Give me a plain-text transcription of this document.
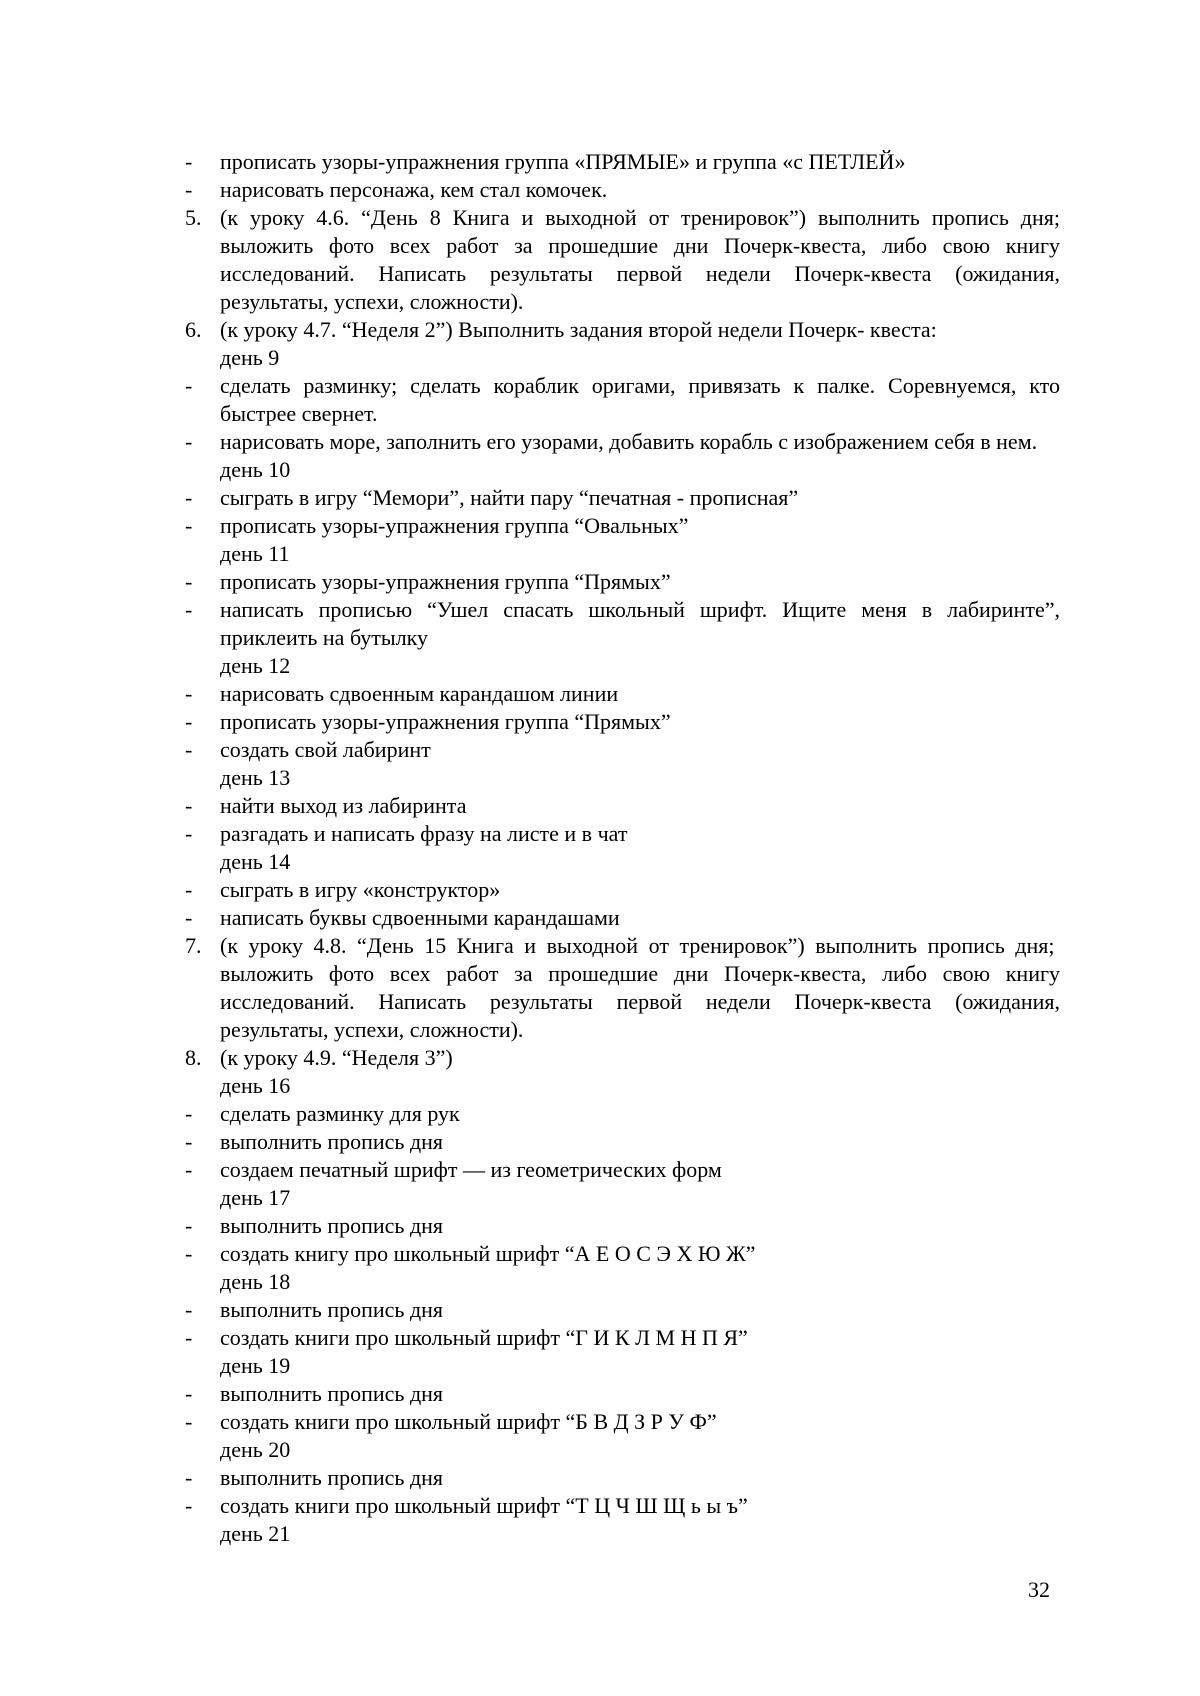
- прописать узоры-упражнения группа «ПРЯМЫЕ» и группа «с ПЕТЛЕЙ»
- нарисовать персонажа, кем стал комочек.
5. (к уроку 4.6. “День 8 Книга и выходной от тренировок”) выполнить пропись дня; выложить фото всех работ за прошедшие дни Почерк-квеста, либо свою книгу исследований. Написать результаты первой недели Почерк-квеста (ожидания, результаты, успехи, сложности).
6. (к уроку 4.7. “Неделя 2”) Выполнить задания второй недели Почерк- квеста:
день 9
- сделать разминку; сделать кораблик оригами, привязать к палке. Соревнуемся, кто быстрее свернет.
- нарисовать море, заполнить его узорами, добавить корабль с изображением себя в нем.
день 10
- сыграть в игру “Мемори”, найти пару “печатная - прописная”
- прописать узоры-упражнения группа “Овальных”
день 11
- прописать узоры-упражнения группа “Прямых”
- написать прописью “Ушел спасать школьный шрифт. Ищите меня в лабиринте”, приклеить на бутылку
день 12
- нарисовать сдвоенным карандашом линии
- прописать узоры-упражнения группа “Прямых”
- создать свой лабиринт
день 13
- найти выход из лабиринта
- разгадать и написать фразу на листе и в чат
день 14
- сыграть в игру «конструктор»
- написать буквы сдвоенными карандашами
7. (к уроку 4.8. “День 15 Книга и выходной от тренировок”) выполнить пропись дня;  выложить фото всех работ за прошедшие дни Почерк-квеста, либо свою книгу исследований. Написать результаты первой недели Почерк-квеста (ожидания, результаты, успехи, сложности).
8. (к уроку 4.9. “Неделя 3”)
день 16
- сделать разминку для рук
- выполнить пропись дня
- создаем печатный шрифт — из геометрических форм
день 17
- выполнить пропись дня
- создать книгу про школьный шрифт “А Е О С Э Х Ю Ж”
день 18
- выполнить пропись дня
- создать книги про школьный шрифт “Г И К Л М Н П Я”
день 19
- выполнить пропись дня
- создать книги про школьный шрифт “Б В Д З Р У Ф”
день 20
- выполнить пропись дня
- создать книги про школьный шрифт “Т Ц Ч Ш Щ ь ы ъ”
день 21
32
